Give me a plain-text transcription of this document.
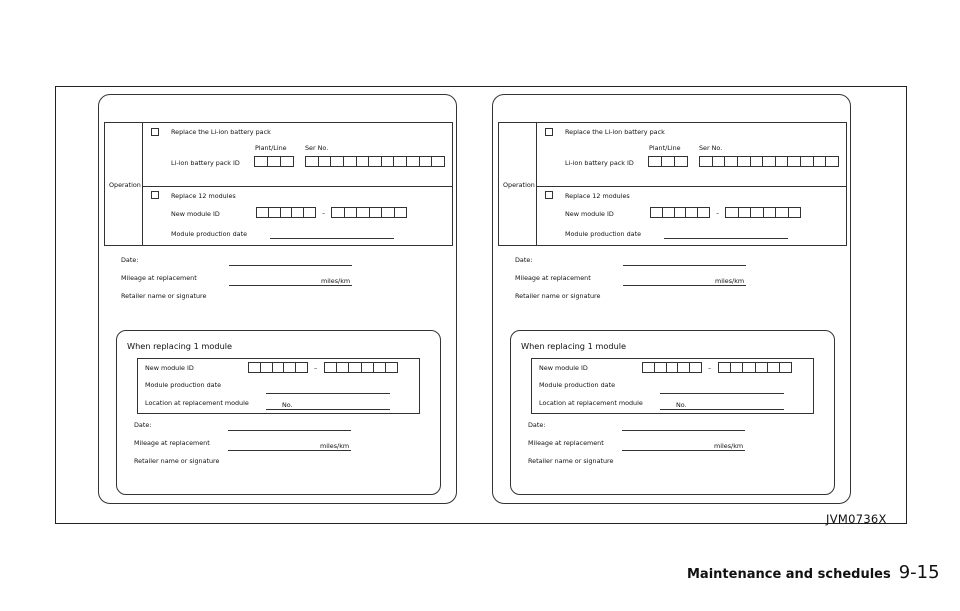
Operation
Replace the Li-ion battery pack
Plant/Line	Ser No.
Li-ion battery pack ID
Replace 12 modules
New module ID	–
Module production date
Date:
Mileage at replacement	miles/km
Retailer name or signature
When replacing 1 module
New module ID	–
Module production date
Location at replacement module	No.
Date:
Mileage at replacement	miles/km
Retailer name or signature
Operation
Replace the Li-ion battery pack
Plant/Line	Ser No.
Li-ion battery pack ID
Replace 12 modules
New module ID	–
Module production date
Date:
Mileage at replacement	miles/km
Retailer name or signature
When replacing 1 module
New module ID	–
Module production date
Location at replacement module	No.
Date:
Mileage at replacement	miles/km
Retailer name or signature
JVM0736X
Maintenance and schedules 9-15
